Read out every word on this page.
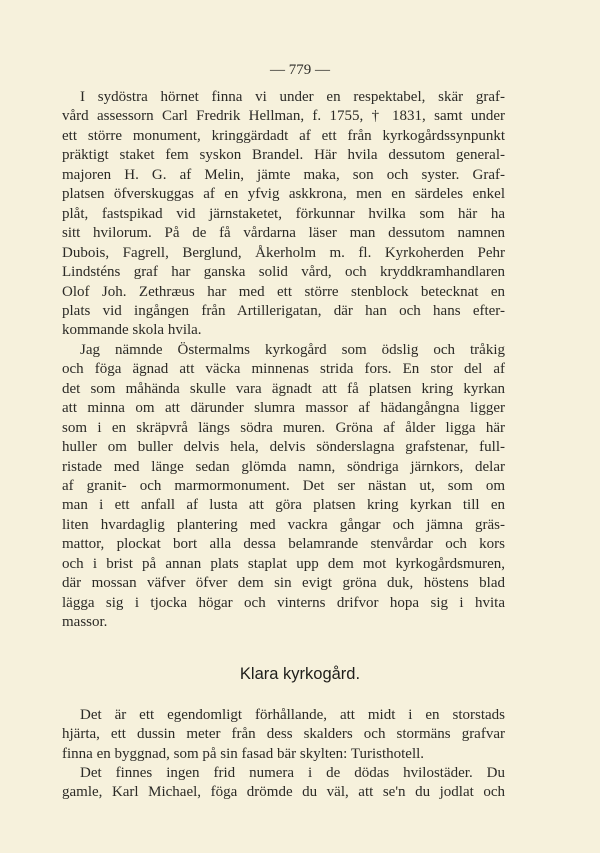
— 779 —
I sydöstra hörnet finna vi under en respektabel, skär graf-
vård assessorn Carl Fredrik Hellman, f. 1755, † 1831, samt under
ett större monument, kringgärdadt af ett från kyrkogårdssynpunkt
präktigt staket fem syskon Brandel. Här hvila dessutom general-
majoren H. G. af Melin, jämte maka, son och syster. Graf-
platsen öfverskuggas af en yfvig askkrona, men en särdeles enkel
plåt, fastspikad vid järnstaketet, förkunnar hvilka som här ha
sitt hvilorum. På de få vårdarna läser man dessutom namnen
Dubois, Fagrell, Berglund, Åkerholm m. fl. Kyrkoherden Pehr
Lindsténs graf har ganska solid vård, och kryddkramhandlaren
Olof Joh. Zethræus har med ett större stenblock betecknat en
plats vid ingången från Artillerigatan, där han och hans efter-
kommande skola hvila.
Jag nämnde Östermalms kyrkogård som ödslig och tråkig
och föga ägnad att väcka minnenas strida fors. En stor del af
det som måhända skulle vara ägnadt att få platsen kring kyrkan
att minna om att därunder slumra massor af hädangångna ligger
som i en skräpvrå längs södra muren. Gröna af ålder ligga här
huller om buller delvis hela, delvis sönderslagna grafstenar, full-
ristade med länge sedan glömda namn, söndriga järnkors, delar
af granit- och marmormonument. Det ser nästan ut, som om
man i ett anfall af lusta att göra platsen kring kyrkan till en
liten hvardaglig plantering med vackra gångar och jämna gräs-
mattor, plockat bort alla dessa belamrande stenvårdar och kors
och i brist på annan plats staplat upp dem mot kyrkogårdsmuren,
där mossan väfver öfver dem sin evigt gröna duk, höstens blad
lägga sig i tjocka högar och vinterns drifvor hopa sig i hvita
massor.
Klara kyrkogård.
Det är ett egendomligt förhållande, att midt i en storstads
hjärta, ett dussin meter från dess skalders och stormäns grafvar
finna en byggnad, som på sin fasad bär skylten: Turisthotell.
Det finnes ingen frid numera i de dödas hvilostäder. Du
gamle, Karl Michael, föga drömde du väl, att se'n du jodlat och
